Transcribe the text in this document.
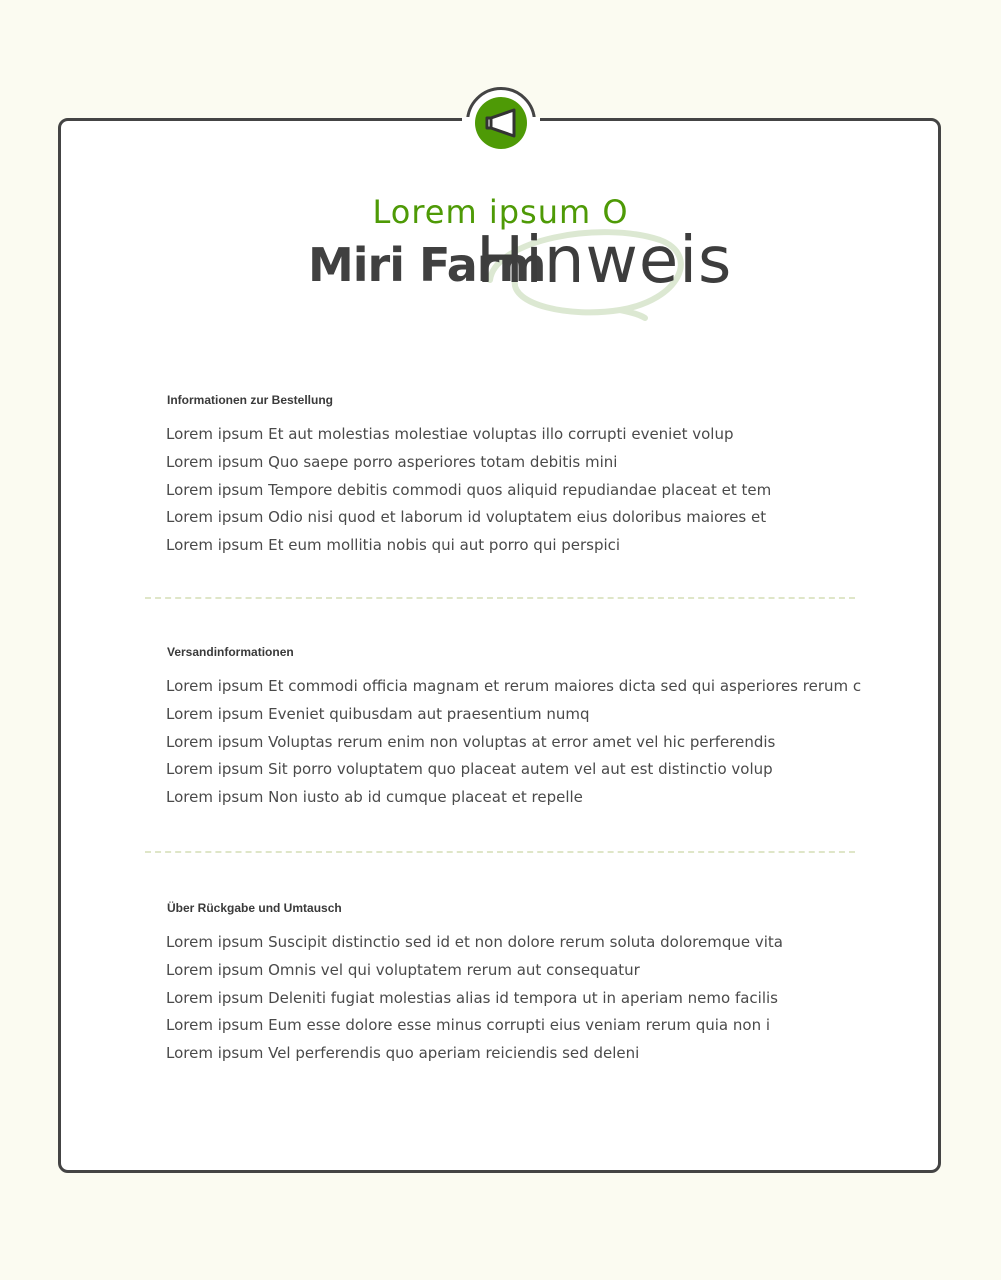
Lorem ipsum O

Miri Farm

Hinweis

Informationen zur Bestellung
Lorem ipsum Et aut molestias molestiae voluptas illo corrupti eveniet volup
Lorem ipsum Quo saepe porro asperiores totam debitis mini
Lorem ipsum Tempore debitis commodi quos aliquid repudiandae placeat et tem
Lorem ipsum Odio nisi quod et laborum id voluptatem eius doloribus maiores et
Lorem ipsum Et eum mollitia nobis qui aut porro qui perspici
Versandinformationen
Lorem ipsum Et commodi officia magnam et rerum maiores dicta sed qui asperiores rerum c
Lorem ipsum Eveniet quibusdam aut praesentium numq
Lorem ipsum Voluptas rerum enim non voluptas at error amet vel hic perferendis
Lorem ipsum Sit porro voluptatem quo placeat autem vel aut est distinctio volup
Lorem ipsum Non iusto ab id cumque placeat et repelle
Über Rückgabe und Umtausch
Lorem ipsum Suscipit distinctio sed id et non dolore rerum soluta doloremque vita
Lorem ipsum Omnis vel qui voluptatem rerum aut consequatur
Lorem ipsum Deleniti fugiat molestias alias id tempora ut in aperiam nemo facilis
Lorem ipsum Eum esse dolore esse minus corrupti eius veniam rerum quia non i
Lorem ipsum Vel perferendis quo aperiam reiciendis sed deleni
